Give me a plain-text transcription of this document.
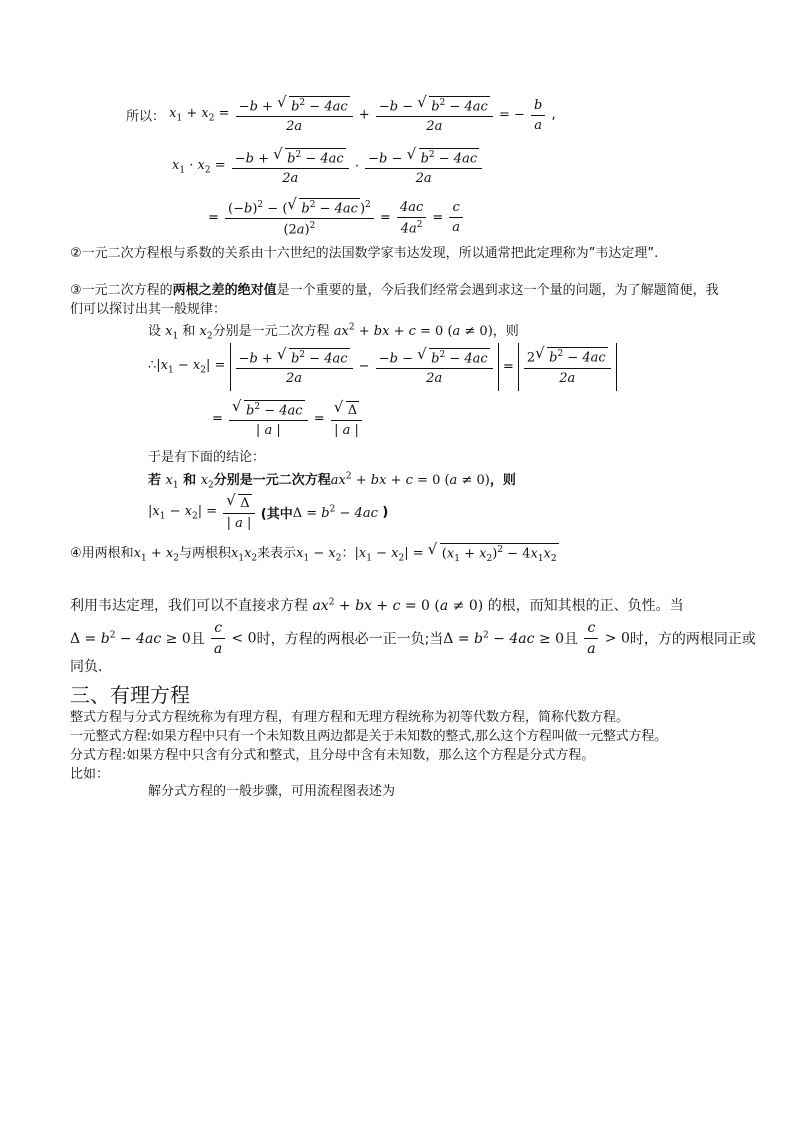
所以： $x_1 + x_2 = \frac{-b + √ b^2 - 4ac}{2a} + \frac{-b - √ b^2 - 4ac}{2a}$ = − $\frac{b}{a}$ ,
$x_1 \cdot x_2 = \frac{-b + √ b^2 - 4ac}{2a} \cdot \frac{-b - √ b^2 - 4ac}{2a}$
= $\frac{(-b)^2 - ( √ b^2 - 4ac )^2}{(2a)^2} = \frac{4ac}{4a^2} = \frac{c}{a}$
②一元二次方程根与系数的关系由十六世纪的法国数学家韦达发现，所以通常把此定理称为”韦达定理”.
③一元二次方程的两根之差的绝对值是一个重要的量，今后我们经常会遇到求这一个量的问题，为了解题简便，我们可以探讨出其一般规律：
设 $x_1$ 和 $x_2$分别是一元二次方程 $ax^2$ + bx + c = 0 (a ≠ 0)，则
$\therefore|x_1 - x_2| = \frac{-b + √ b^2 - 4ac}{2a} - \frac{-b - √ b^2 - 4ac}{2a} = \frac{2 √ b^2 - 4ac}{2a}$
= √ $\frac{b^2 - 4ac}{| a |}$ = √ $\frac{\Delta}{| a |}$
于是有下面的结论：
若 $x_1$ 和 $x_2$分别是一元二次方程$ax^2$ + bx + c = 0 (a ≠ 0)，则
$|x_1 - x_2|$ = √ $\frac{\Delta}{| a |}$ (其中$\Delta = b^2 - 4ac$ )
④用两根和$x_1 + x_2$与两根积$x_1x_2$来表示$x_1 - x_2$：$|x_1 - x_2|$ = √ $(x_1 + x_2)^2 - 4x_1x_2$
利用韦达定理，我们可以不直接求方程 $ax^2$ + bx + c = 0 (a ≠ 0) 的根，而知其根的正、负性。当
$\Delta = b^2 - 4ac \ge 0$且 $\frac{c}{a} < 0$时，方程的两根必一正一负;当$\Delta = b^2 - 4ac \ge 0$且 $\frac{c}{a} > 0$时，方的两根同正或
同负.
三、有理方程
整式方程与分式方程统称为有理方程，有理方程和无理方程统称为初等代数方程，简称代数方程。
一元整式方程:如果方程中只有一个未知数且两边都是关于未知数的整式,那么这个方程叫做一元整式方程。
分式方程:如果方程中只含有分式和整式，且分母中含有未知数，那么这个方程是分式方程。
比如：
解分式方程的一般步骤，可用流程图表述为
